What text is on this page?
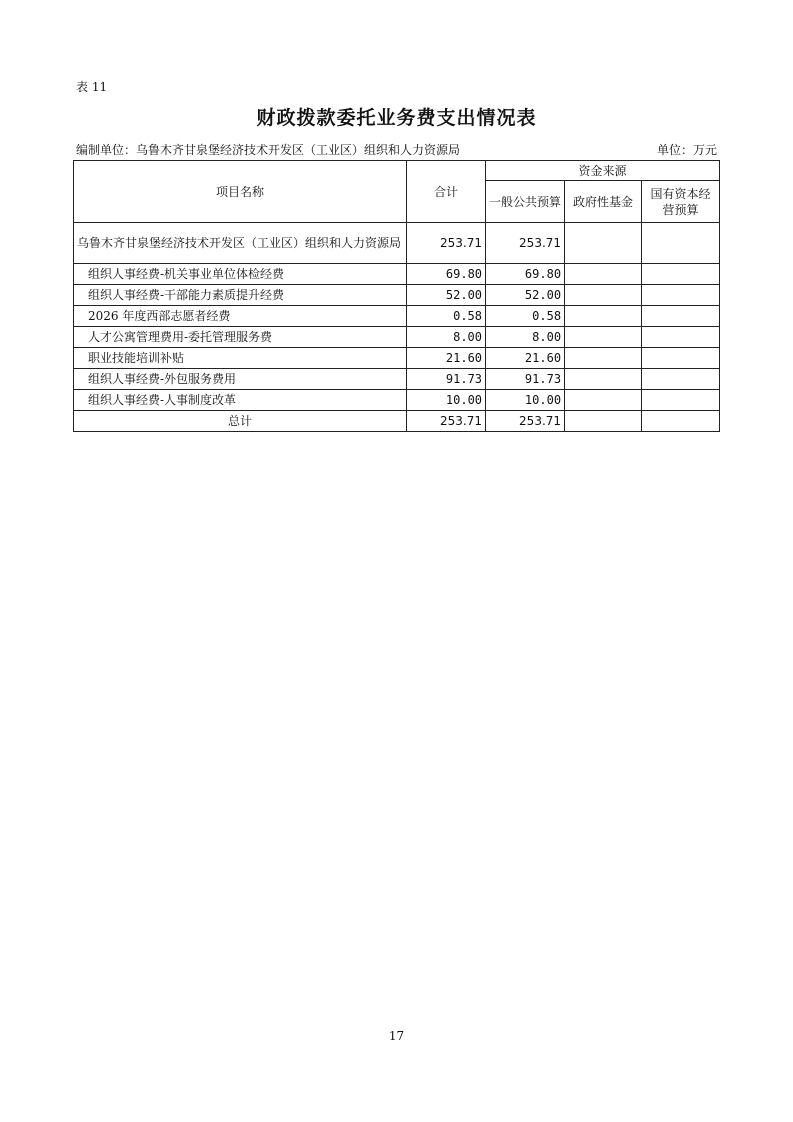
表 11
财政拨款委托业务费支出情况表
编制单位：乌鲁木齐甘泉堡经济技术开发区（工业区）组织和人力资源局	单位：万元
项目名称	合计	资金来源		
		一般公共预算	政府性基金	国有资本经营预算
乌鲁木齐甘泉堡经济技术开发区（工业区）组织和人力资源局	253.71	253.71		
组织人事经费-机关事业单位体检经费	69.80	69.80		
组织人事经费-干部能力素质提升经费	52.00	52.00		
2026 年度西部志愿者经费	0.58	0.58		
人才公寓管理费用-委托管理服务费	8.00	8.00		
职业技能培训补贴	21.60	21.60		
组织人事经费-外包服务费用	91.73	91.73		
组织人事经费-人事制度改革	10.00	10.00		
总计	253.71	253.71		
17
